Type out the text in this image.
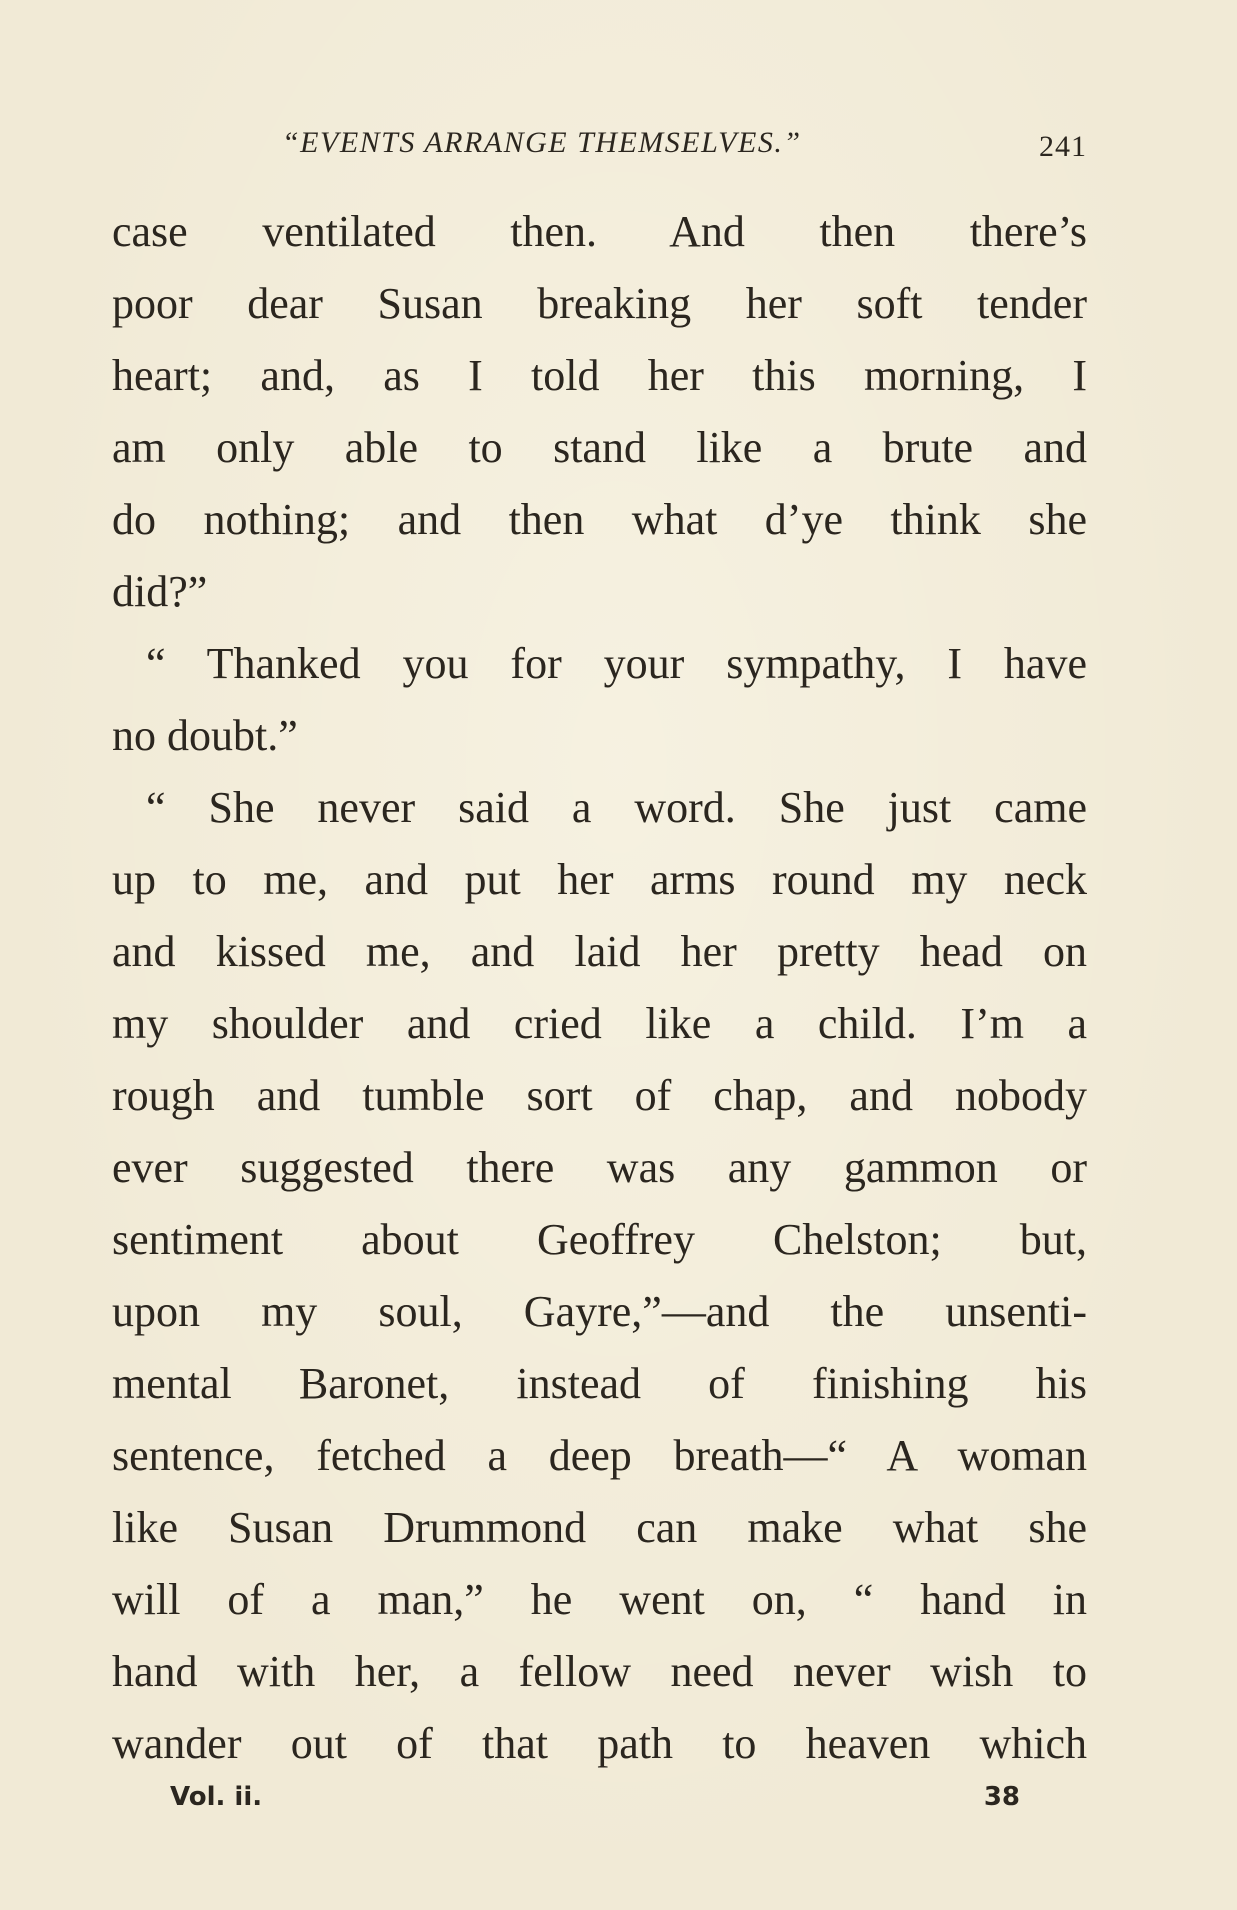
“EVENTS ARRANGE THEMSELVES.”	241
case ventilated then. And then there’s
poor dear Susan breaking her soft tender
heart; and, as I told her this morning, I
am only able to stand like a brute and
do nothing; and then what d’ye think she
did?”
“ Thanked you for your sympathy, I have
no doubt.”
“ She never said a word. She just came
up to me, and put her arms round my neck
and kissed me, and laid her pretty head on
my shoulder and cried like a child. I’m a
rough and tumble sort of chap, and nobody
ever suggested there was any gammon or
sentiment about Geoffrey Chelston; but,
upon my soul, Gayre,”—and the unsenti-
mental Baronet, instead of finishing his
sentence, fetched a deep breath—“ A woman
like Susan Drummond can make what she
will of a man,” he went on, “ hand in
hand with her, a fellow need never wish to
wander out of that path to heaven which
Vol. ii.	38
